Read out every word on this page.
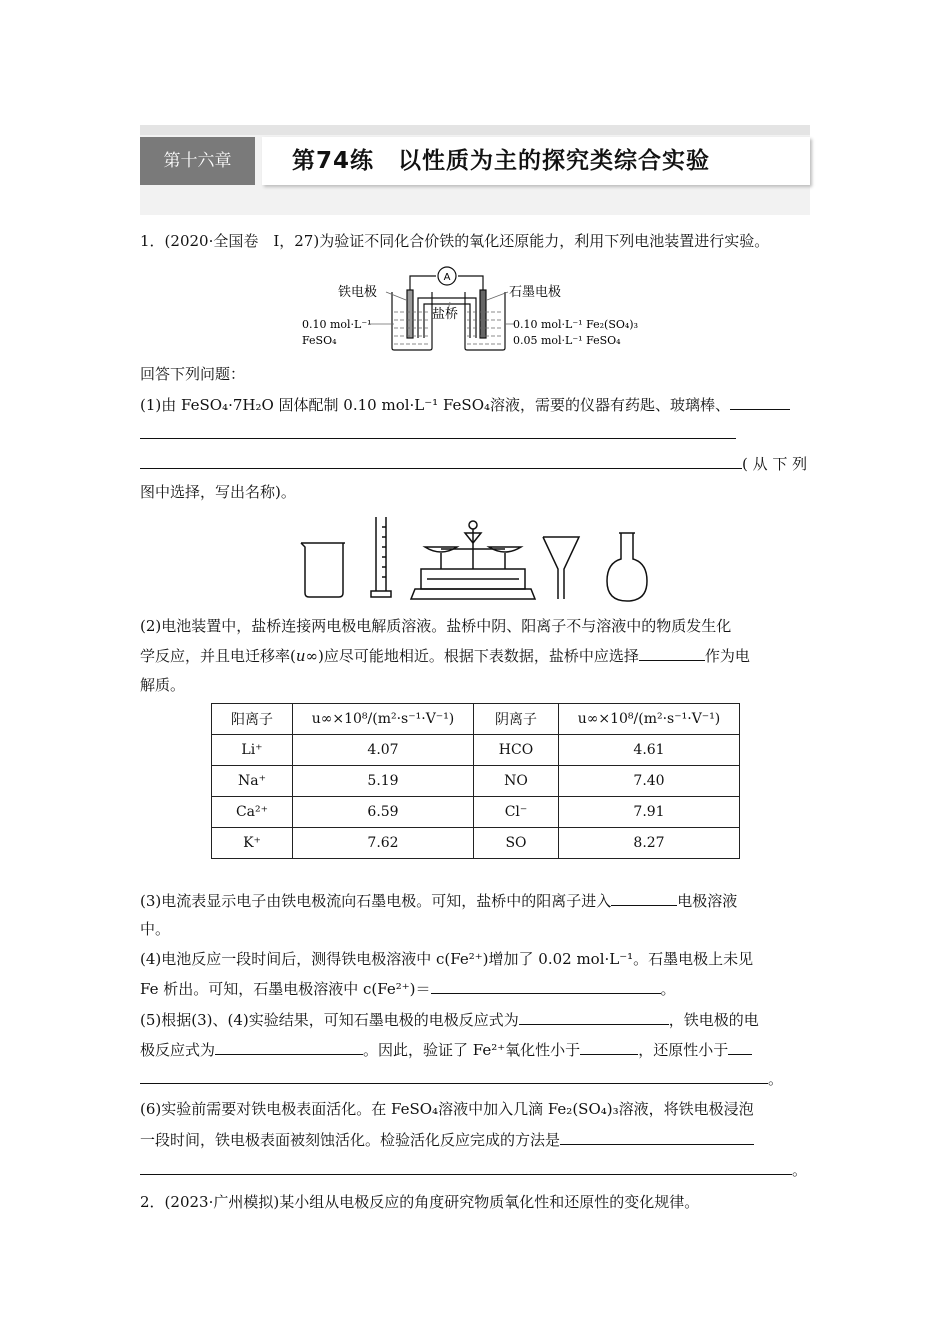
第十六章	第74练　以性质为主的探究类综合实验
1．(2020·全国卷　Ⅰ，27)为验证不同化合价铁的氧化还原能力，利用下列电池装置进行实验。
A
铁电极	石墨电极
盐桥
0.10 mol·L⁻¹
FeSO₄
0.10 mol·L⁻¹ Fe₂(SO₄)₃
0.05 mol·L⁻¹ FeSO₄
回答下列问题：
(1)由 FeSO₄·7H₂O 固体配制 0.10 mol·L⁻¹ FeSO₄溶液，需要的仪器有药匙、玻璃棒、
( 从 下 列
图中选择，写出名称)。
(2)电池装置中，盐桥连接两电极电解质溶液。盐桥中阴、阳离子不与溶液中的物质发生化
学反应，并且电迁移率(u∞)应尽可能地相近。根据下表数据，盐桥中应选择	作为电
解质。
阳离子	u∞×10⁸/(m²·s⁻¹·V⁻¹)	阴离子	u∞×10⁸/(m²·s⁻¹·V⁻¹)
Li⁺	4.07	HCO	4.61
Na⁺	5.19	NO	7.40
Ca²⁺	6.59	Cl⁻	7.91
K⁺	7.62	SO	8.27
(3)电流表显示电子由铁电极流向石墨电极。可知，盐桥中的阳离子进入	电极溶液
中。
(4)电池反应一段时间后，测得铁电极溶液中 c(Fe²⁺)增加了 0.02 mol·L⁻¹。石墨电极上未见
Fe 析出。可知，石墨电极溶液中 c(Fe²⁺)＝	。
(5)根据(3)、(4)实验结果，可知石墨电极的电极反应式为	，铁电极的电
极反应式为	。因此，验证了 Fe²⁺氧化性小于	，还原性小于
。
(6)实验前需要对铁电极表面活化。在 FeSO₄溶液中加入几滴 Fe₂(SO₄)₃溶液，将铁电极浸泡
一段时间，铁电极表面被刻蚀活化。检验活化反应完成的方法是
。
2．(2023·广州模拟)某小组从电极反应的角度研究物质氧化性和还原性的变化规律。
